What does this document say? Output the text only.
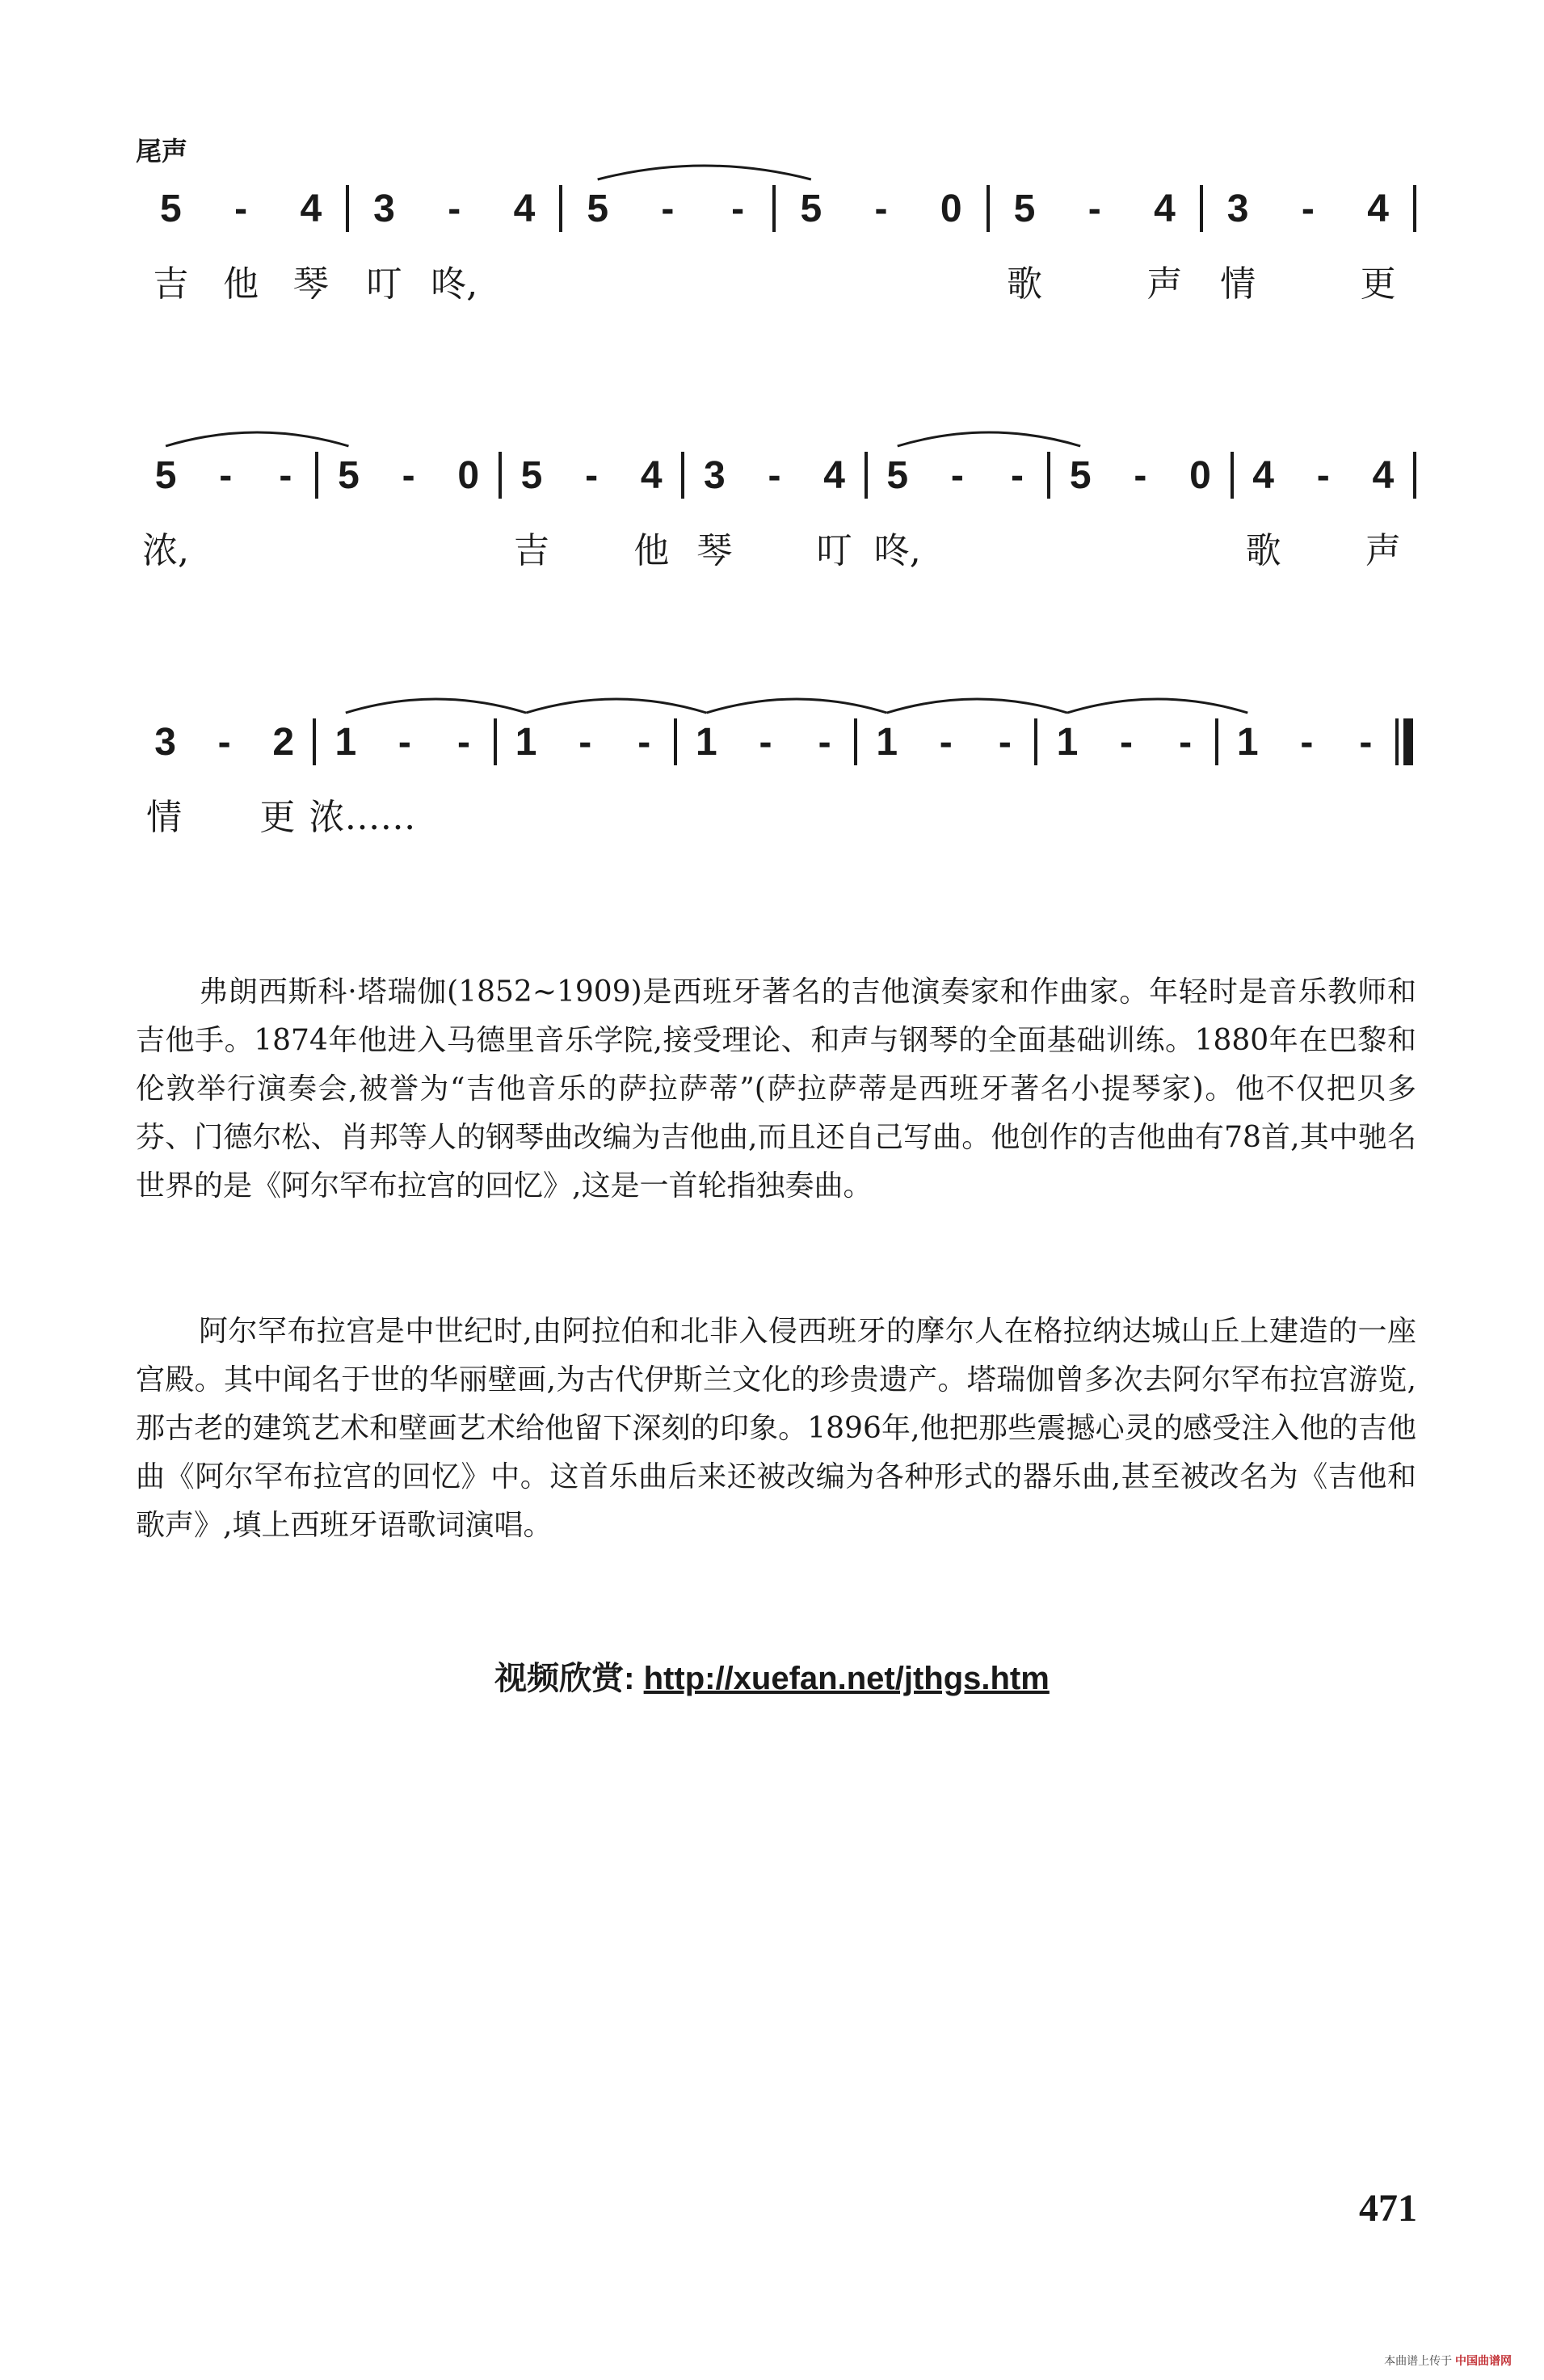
尾声
5	-	4	3	-	4	5	-	-	5	-	0	5	-	4	3	-	4
吉 他 琴	叮 咚,	歌	声	情	更
5	-	-	5	-	0	5	-	4	3	-	4	5	-	-	5	-	0	4	-	4
浓,	吉	他 琴	叮 咚,	歌	声
3	-	2	1	-	-	1	-	-	1	-	-	1	-	-	1	-	-	1	-	-
情 更 浓……

弗朗西斯科·塔瑞伽(1852~1909)是西班牙著名的吉他演奏家和作曲家。年轻时是音乐教师和吉他手。1874年他进入马德里音乐学院,接受理论、和声与钢琴的全面基础训练。1880年在巴黎和伦敦举行演奏会,被誉为“吉他音乐的萨拉萨蒂”(萨拉萨蒂是西班牙著名小提琴家)。他不仅把贝多芬、门德尔松、肖邦等人的钢琴曲改编为吉他曲,而且还自己写曲。他创作的吉他曲有78首,其中驰名世界的是《阿尔罕布拉宫的回忆》,这是一首轮指独奏曲。

阿尔罕布拉宫是中世纪时,由阿拉伯和北非入侵西班牙的摩尔人在格拉纳达城山丘上建造的一座宫殿。其中闻名于世的华丽壁画,为古代伊斯兰文化的珍贵遗产。塔瑞伽曾多次去阿尔罕布拉宫游览,那古老的建筑艺术和壁画艺术给他留下深刻的印象。1896年,他把那些震撼心灵的感受注入他的吉他曲《阿尔罕布拉宫的回忆》中。这首乐曲后来还被改编为各种形式的器乐曲,甚至被改名为《吉他和歌声》,填上西班牙语歌词演唱。

视频欣赏: http://xuefan.net/jthgs.htm
471
本曲谱上传于 中国曲谱网
